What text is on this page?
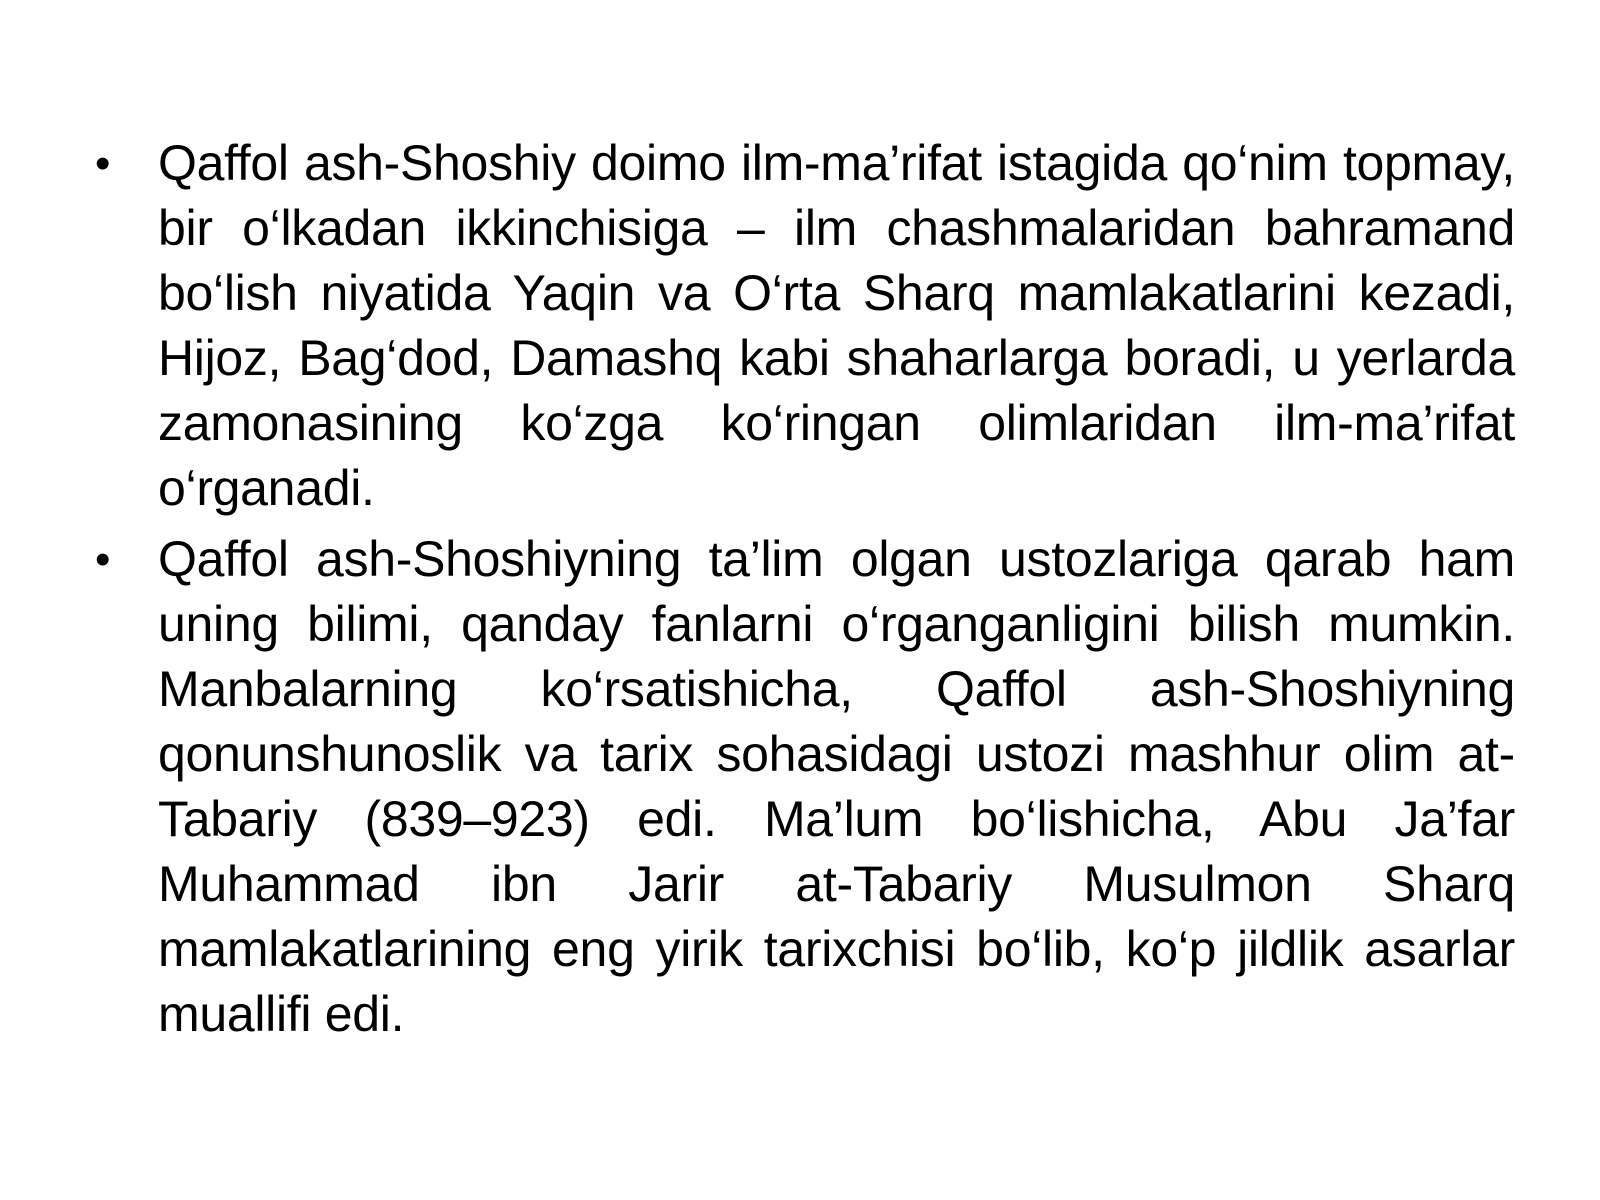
• Qaffol ash-Shoshiy doimo ilm-ma’rifat istagida qo‘nim topmay, bir o‘lkadan ikkinchisiga – ilm chashmalaridan bahramand bo‘lish niyatida Yaqin va O‘rta Sharq mamlakatlarini kezadi, Hijoz, Bag‘dod, Damashq kabi shaharlarga boradi, u yerlarda zamonasining ko‘zga ko‘ringan olimlaridan ilm-ma’rifat o‘rganadi.
• Qaffol ash-Shoshiyning ta’lim olgan ustozlariga qarab ham uning bilimi, qanday fanlarni o‘rganganligini bilish mumkin. Manbalarning ko‘rsatishicha, Qaffol ash-Shoshiyning qonunshunoslik va tarix sohasidagi ustozi mashhur olim at-Tabariy (839–923) edi. Ma’lum bo‘lishicha, Abu Ja’far Muhammad ibn Jarir at-Tabariy Musulmon Sharq mamlakatlarining eng yirik tarixchisi bo‘lib, ko‘p jildlik asarlar muallifi edi.
